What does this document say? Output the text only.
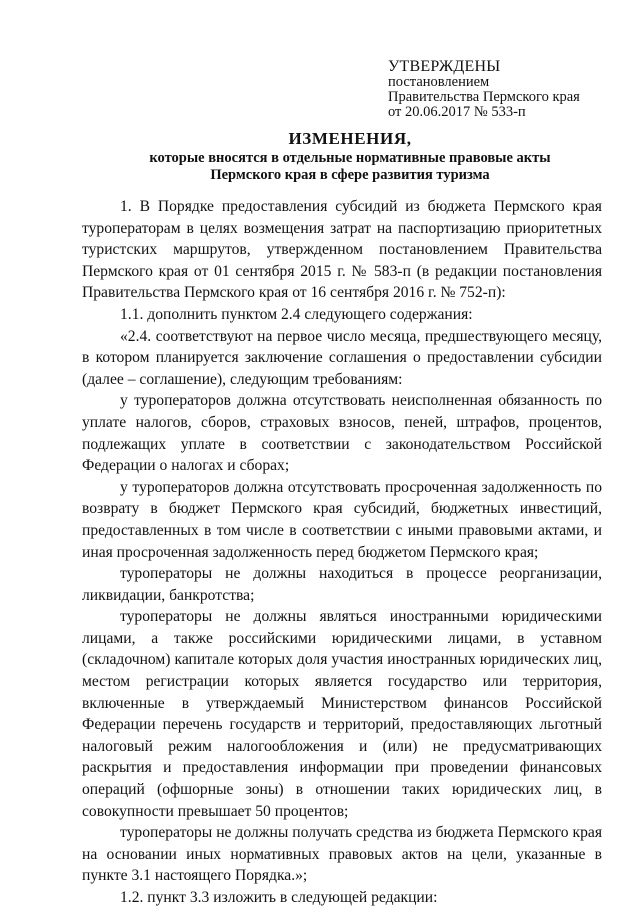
УТВЕРЖДЕНЫ
постановлением
Правительства Пермского края
от 20.06.2017 № 533-п
ИЗМЕНЕНИЯ,
которые вносятся в отдельные нормативные правовые акты
Пермского края в сфере развития туризма

1. В Порядке предоставления субсидий из бюджета Пермского края туроператорам в целях возмещения затрат на паспортизацию приоритетных туристских маршрутов, утвержденном постановлением Правительства Пермского края от 01 сентября 2015 г. № 583-п (в редакции постановления Правительства Пермского края от 16 сентября 2016 г. № 752-п):

1.1. дополнить пунктом 2.4 следующего содержания:

«2.4. соответствуют на первое число месяца, предшествующего месяцу, в котором планируется заключение соглашения о предоставлении субсидии (далее – соглашение), следующим требованиям:

у туроператоров должна отсутствовать неисполненная обязанность по уплате налогов, сборов, страховых взносов, пеней, штрафов, процентов, подлежащих уплате в соответствии с законодательством Российской Федерации о налогах и сборах;

у туроператоров должна отсутствовать просроченная задолженность по возврату в бюджет Пермского края субсидий, бюджетных инвестиций, предоставленных в том числе в соответствии с иными правовыми актами, и иная просроченная задолженность перед бюджетом Пермского края;

туроператоры не должны находиться в процессе реорганизации, ликвидации, банкротства;

туроператоры не должны являться иностранными юридическими лицами, а также российскими юридическими лицами, в уставном (складочном) капитале которых доля участия иностранных юридических лиц, местом регистрации которых является государство или территория, включенные в утверждаемый Министерством финансов Российской Федерации перечень государств и территорий, предоставляющих льготный налоговый режим налогообложения и (или) не предусматривающих раскрытия и предоставления информации при проведении финансовых операций (офшорные зоны) в отношении таких юридических лиц, в совокупности превышает 50 процентов;

туроператоры не должны получать средства из бюджета Пермского края на основании иных нормативных правовых актов на цели, указанные в пункте 3.1 настоящего Порядка.»;

1.2. пункт 3.3 изложить в следующей редакции:
